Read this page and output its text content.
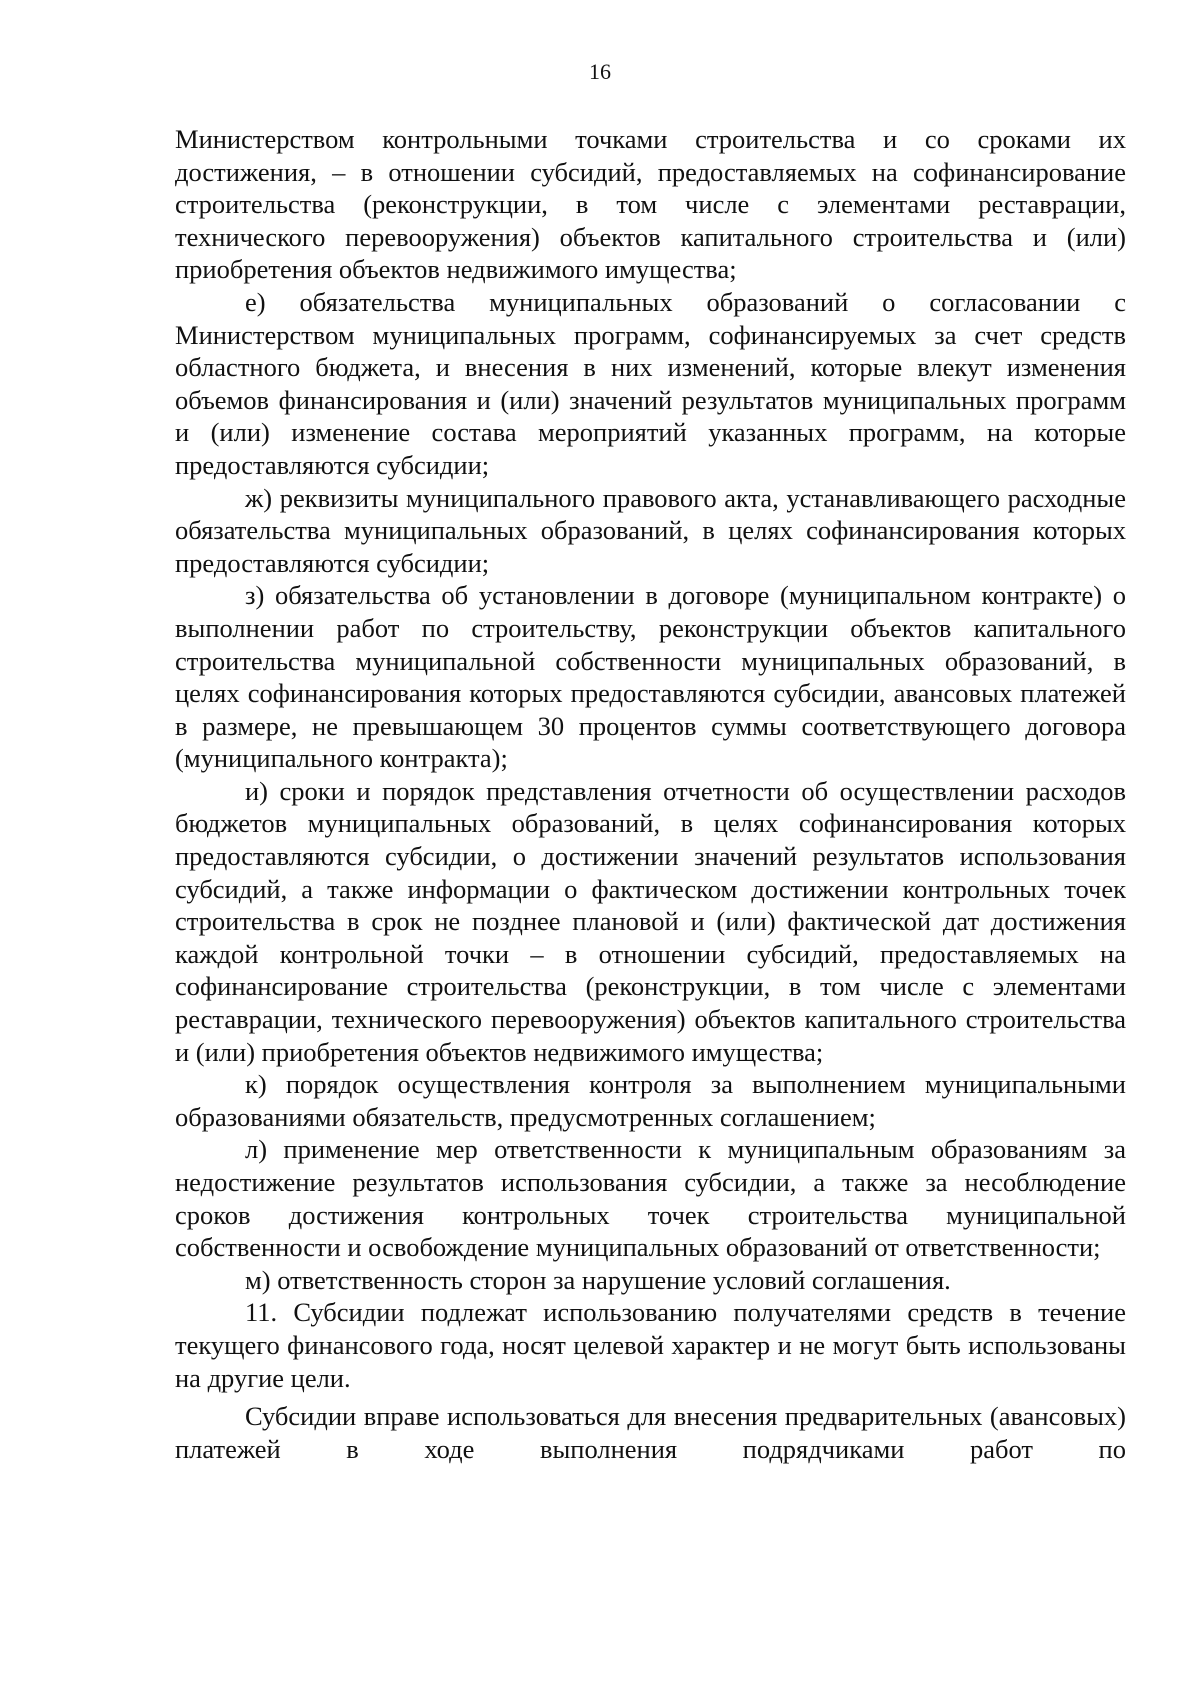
16

Министерством контрольными точками строительства и со сроками их достижения, – в отношении субсидий, предоставляемых на софинансирование строительства (реконструкции, в том числе с элементами реставрации, технического перевооружения) объектов капитального строительства и (или) приобретения объектов недвижимого имущества;

е) обязательства муниципальных образований о согласовании с Министерством муниципальных программ, софинансируемых за счет средств областного бюджета, и внесения в них изменений, которые влекут изменения объемов финансирования и (или) значений результатов муниципальных программ и (или) изменение состава мероприятий указанных программ, на которые предоставляются субсидии;

ж) реквизиты муниципального правового акта, устанавливающего расходные обязательства муниципальных образований, в целях софинансирования которых предоставляются субсидии;

з) обязательства об установлении в договоре (муниципальном контракте) о выполнении работ по строительству, реконструкции объектов капитального строительства муниципальной собственности муниципальных образований, в целях софинансирования которых предоставляются субсидии, авансовых платежей в размере, не превышающем 30 процентов суммы соответствующего договора (муниципального контракта);

и) сроки и порядок представления отчетности об осуществлении расходов бюджетов муниципальных образований, в целях софинансирования которых предоставляются субсидии, о достижении значений результатов использования субсидий, а также информации о фактическом достижении контрольных точек строительства в срок не позднее плановой и (или) фактической дат достижения каждой контрольной точки – в отношении субсидий, предоставляемых на софинансирование строительства (реконструкции, в том числе с элементами реставрации, технического перевооружения) объектов капитального строительства и (или) приобретения объектов недвижимого имущества;

к) порядок осуществления контроля за выполнением муниципальными образованиями обязательств, предусмотренных соглашением;

л) применение мер ответственности к муниципальным образованиям за недостижение результатов использования субсидии, а также за несоблюдение сроков достижения контрольных точек строительства муниципальной собственности и освобождение муниципальных образований от ответственности;

м) ответственность сторон за нарушение условий соглашения.

11. Субсидии подлежат использованию получателями средств в течение текущего финансового года, носят целевой характер и не могут быть использованы на другие цели.

Субсидии вправе использоваться для внесения предварительных (авансовых) платежей в ходе выполнения подрядчиками работ по
